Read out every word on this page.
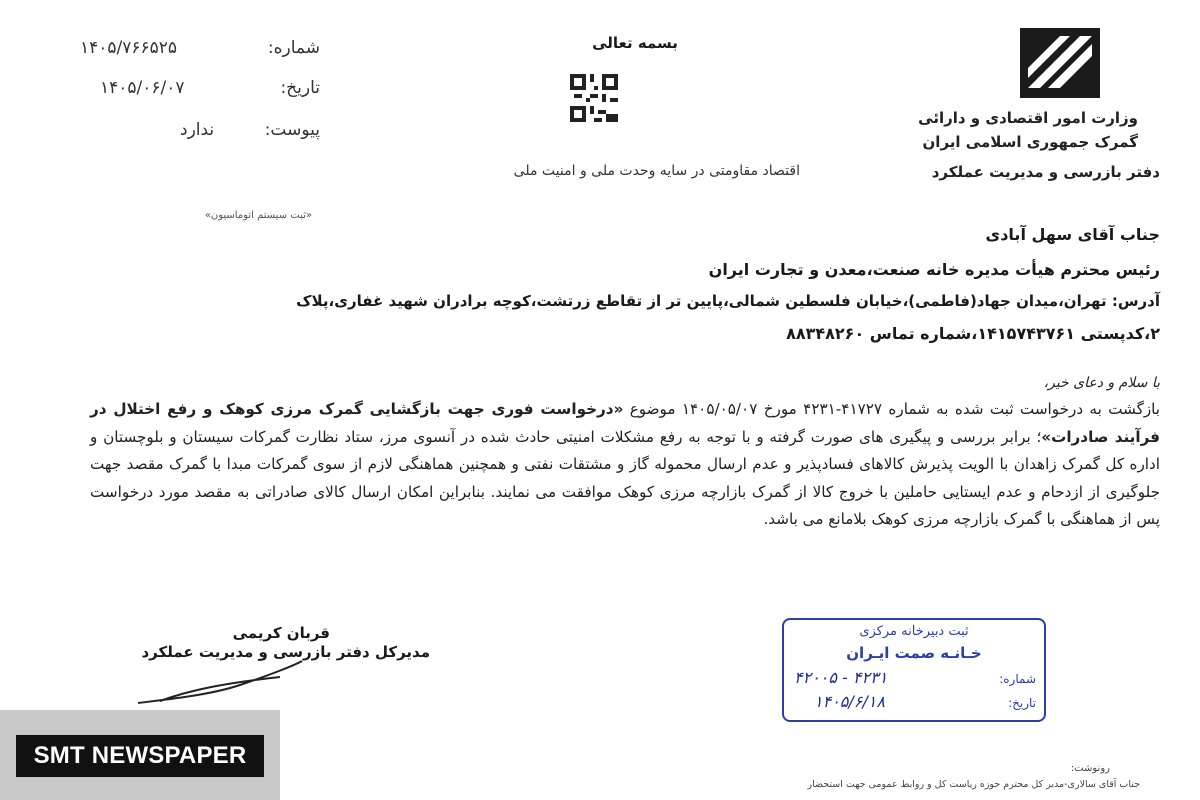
شماره:
۱۴۰۵/۷۶۶۵۲۵
تاریخ:
۱۴۰۵/۰۶/۰۷
پیوست:
ندارد
بسمه تعالی
وزارت امور اقتصادی و دارائی
گمرک جمهوری اسلامی ایران
دفتر بازرسی و مدیریت عملکرد
اقتصاد مقاومتی در سایه وحدت ملی و امنیت ملی
«ثبت سیستم اتوماسیون»
جناب آقای سهل آبادی
رئیس محترم هیأت مدیره خانه صنعت،معدن و تجارت ایران
آدرس: تهران،میدان جهاد(فاطمی)،خیابان فلسطین شمالی،پایین تر از تقاطع زرتشت،کوچه برادران شهید غفاری،پلاک
۲،کدپستی ۱۴۱۵۷۴۳۷۶۱،شماره تماس ۸۸۳۴۸۲۶۰
با سلام و دعای خیر،
بازگشت به درخواست ثبت شده به شماره ۴۱۷۲۷-۴۲۳۱ مورخ ۱۴۰۵/۰۵/۰۷ موضوع «درخواست فوری جهت بازگشایی گمرک مرزی کوهک و رفع اختلال در فرآیند صادرات»؛ برابر بررسی و پیگیری های صورت گرفته و با توجه به رفع مشکلات امنیتی حادث شده در آنسوی مرز، ستاد نظارت گمرکات سیستان و بلوچستان و اداره کل گمرک زاهدان با الویت پذیرش کالاهای فسادپذیر و عدم ارسال محموله گاز و مشتقات نفتی و همچنین هماهنگی لازم از سوی گمرکات مبدا با گمرک مقصد جهت جلوگیری از ازدحام و عدم ایستایی حاملین با خروج کالا از گمرک بازارچه مرزی کوهک موافقت می نمایند. بنابراین امکان ارسال کالای صادراتی به مقصد مورد درخواست پس از هماهنگی با گمرک بازارچه مرزی کوهک بلامانع می باشد.
قربان کریمی
مدیرکل دفتر بازرسی و مدیریت عملکرد
ثبت دبیرخانه مرکزی
خـانـه صمت ایـران
شماره:
۴۲۳۱ - ۴۲۰۰۵
تاریخ:
۱۴۰۵/۶/۱۸
رونوشت:
جناب آقای سالاری-مدیر کل محترم حوزه ریاست کل و روابط عمومی جهت استحضار
SMT NEWSPAPER
